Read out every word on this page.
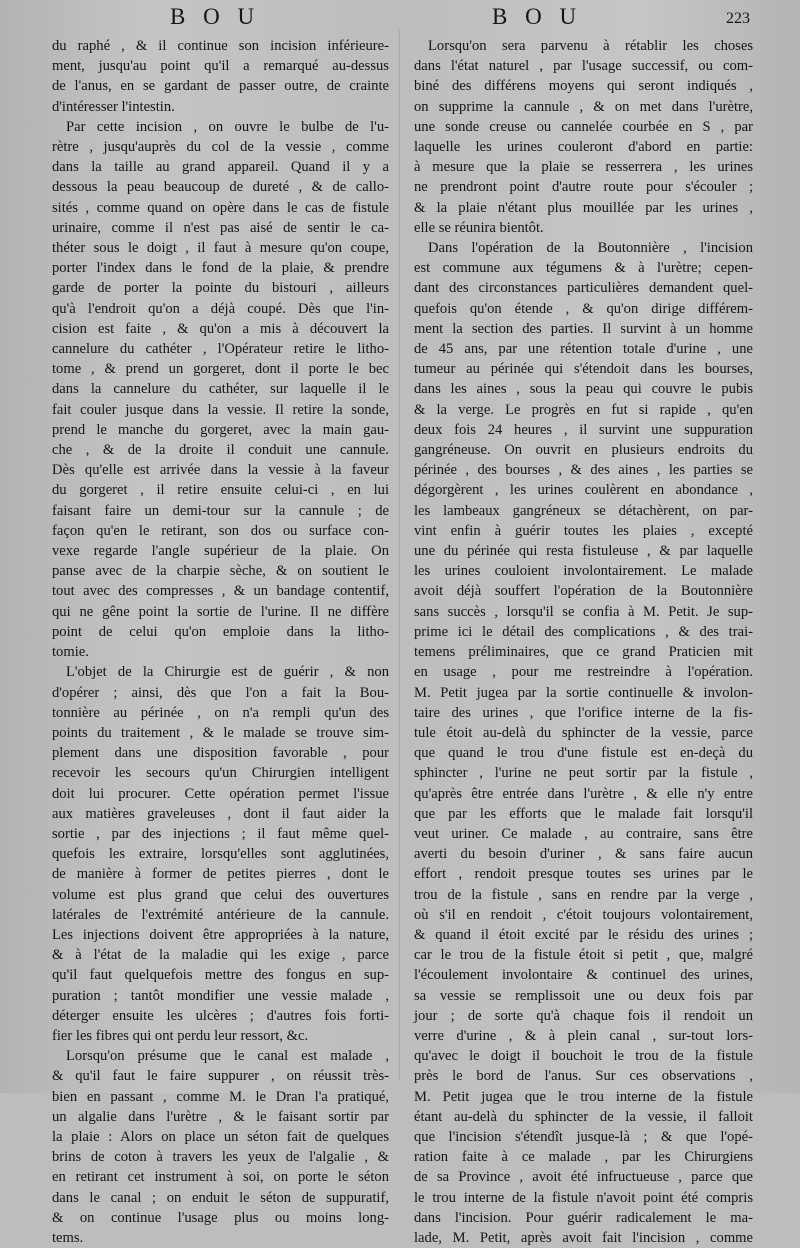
B O U	B O U	223
du raphé , & il continue son incision inférieure-
ment, jusqu'au point qu'il a remarqué au-dessus
de l'anus, en se gardant de passer outre, de crainte
d'intéresser l'intestin.
Par cette incision , on ouvre le bulbe de l'u-
rètre , jusqu'auprès du col de la vessie , comme
dans la taille au grand appareil. Quand il y a
dessous la peau beaucoup de dureté , & de callo-
sités , comme quand on opère dans le cas de fistule
urinaire, comme il n'est pas aisé de sentir le ca-
théter sous le doigt , il faut à mesure qu'on coupe,
porter l'index dans le fond de la plaie, & prendre
garde de porter la pointe du bistouri , ailleurs
qu'à l'endroit qu'on a déjà coupé. Dès que l'in-
cision est faite , & qu'on a mis à découvert la
cannelure du cathéter , l'Opérateur retire le litho-
tome , & prend un gorgeret, dont il porte le bec
dans la cannelure du cathéter, sur laquelle il le
fait couler jusque dans la vessie. Il retire la sonde,
prend le manche du gorgeret, avec la main gau-
che , & de la droite il conduit une cannule.
Dès qu'elle est arrivée dans la vessie à la faveur
du gorgeret , il retire ensuite celui-ci , en lui
faisant faire un demi-tour sur la cannule ; de
façon qu'en le retirant, son dos ou surface con-
vexe regarde l'angle supérieur de la plaie. On
panse avec de la charpie sèche, & on soutient le
tout avec des compresses , & un bandage contentif,
qui ne gêne point la sortie de l'urine. Il ne diffère
point de celui qu'on emploie dans la litho-
tomie.
L'objet de la Chirurgie est de guérir , & non
d'opérer ; ainsi, dès que l'on a fait la Bou-
tonnière au périnée , on n'a rempli qu'un des
points du traitement , & le malade se trouve sim-
plement dans une disposition favorable , pour
recevoir les secours qu'un Chirurgien intelligent
doit lui procurer. Cette opération permet l'issue
aux matières graveleuses , dont il faut aider la
sortie , par des injections ; il faut même quel-
quefois les extraire, lorsqu'elles sont agglutinées,
de manière à former de petites pierres , dont le
volume est plus grand que celui des ouvertures
latérales de l'extrémité antérieure de la cannule.
Les injections doivent être appropriées à la nature,
& à l'état de la maladie qui les exige , parce
qu'il faut quelquefois mettre des fongus en sup-
puration ; tantôt mondifier une vessie malade ,
déterger ensuite les ulcères ; d'autres fois forti-
fier les fibres qui ont perdu leur ressort, &c.
Lorsqu'on présume que le canal est malade ,
& qu'il faut le faire suppurer , on réussit très-
bien en passant , comme M. le Dran l'a pratiqué,
un algalie dans l'urètre , & le faisant sortir par
la plaie : Alors on place un séton fait de quelques
brins de coton à travers les yeux de l'algalie , &
en retirant cet instrument à soi, on porte le séton
dans le canal ; on enduit le séton de suppuratif,
& on continue l'usage plus ou moins long-
tems.
Lorsqu'on sera parvenu à rétablir les choses
dans l'état naturel , par l'usage successif, ou com-
biné des différens moyens qui seront indiqués ,
on supprime la cannule , & on met dans l'urètre,
une sonde creuse ou cannelée courbée en S , par
laquelle les urines couleront d'abord en partie:
à mesure que la plaie se resserrera , les urines
ne prendront point d'autre route pour s'écouler ;
& la plaie n'étant plus mouillée par les urines ,
elle se réunira bientôt.
Dans l'opération de la Boutonnière , l'incision
est commune aux tégumens & à l'urètre; cepen-
dant des circonstances particulières demandent quel-
quefois qu'on étende , & qu'on dirige différem-
ment la section des parties. Il survint à un homme
de 45 ans, par une rétention totale d'urine , une
tumeur au périnée qui s'étendoit dans les bourses,
dans les aines , sous la peau qui couvre le pubis
& la verge. Le progrès en fut si rapide , qu'en
deux fois 24 heures , il survint une suppuration
gangréneuse. On ouvrit en plusieurs endroits du
périnée , des bourses , & des aines , les parties se
dégorgèrent , les urines coulèrent en abondance ,
les lambeaux gangréneux se détachèrent, on par-
vint enfin à guérir toutes les plaies , excepté
une du périnée qui resta fistuleuse , & par laquelle
les urines couloient involontairement. Le malade
avoit déjà souffert l'opération de la Boutonnière
sans succès , lorsqu'il se confia à M. Petit. Je sup-
prime ici le détail des complications , & des trai-
temens préliminaires, que ce grand Praticien mit
en usage , pour me restreindre à l'opération.
M. Petit jugea par la sortie continuelle & involon-
taire des urines , que l'orifice interne de la fis-
tule étoit au-delà du sphincter de la vessie, parce
que quand le trou d'une fistule est en-deçà du
sphincter , l'urine ne peut sortir par la fistule ,
qu'après être entrée dans l'urètre , & elle n'y entre
que par les efforts que le malade fait lorsqu'il
veut uriner. Ce malade , au contraire, sans être
averti du besoin d'uriner , & sans faire aucun
effort , rendoit presque toutes ses urines par le
trou de la fistule , sans en rendre par la verge ,
où s'il en rendoit , c'étoit toujours volontairement,
& quand il étoit excité par le résidu des urines ;
car le trou de la fistule étoit si petit , que, malgré
l'écoulement involontaire & continuel des urines,
sa vessie se remplissoit une ou deux fois par
jour ; de sorte qu'à chaque fois il rendoit un
verre d'urine , & à plein canal , sur-tout lors-
qu'avec le doigt il bouchoit le trou de la fistule
près le bord de l'anus. Sur ces observations ,
M. Petit jugea que le trou interne de la fistule
étant au-delà du sphincter de la vessie, il falloit
que l'incision s'étendît jusque-là ; & que l'opé-
ration faite à ce malade , par les Chirurgiens
de sa Province , avoit été infructueuse , parce que
le trou interne de la fistule n'avoit point été compris
dans l'incision. Pour guérir radicalement le ma-
lade, M. Petit, après avoit fait l'incision , comme
